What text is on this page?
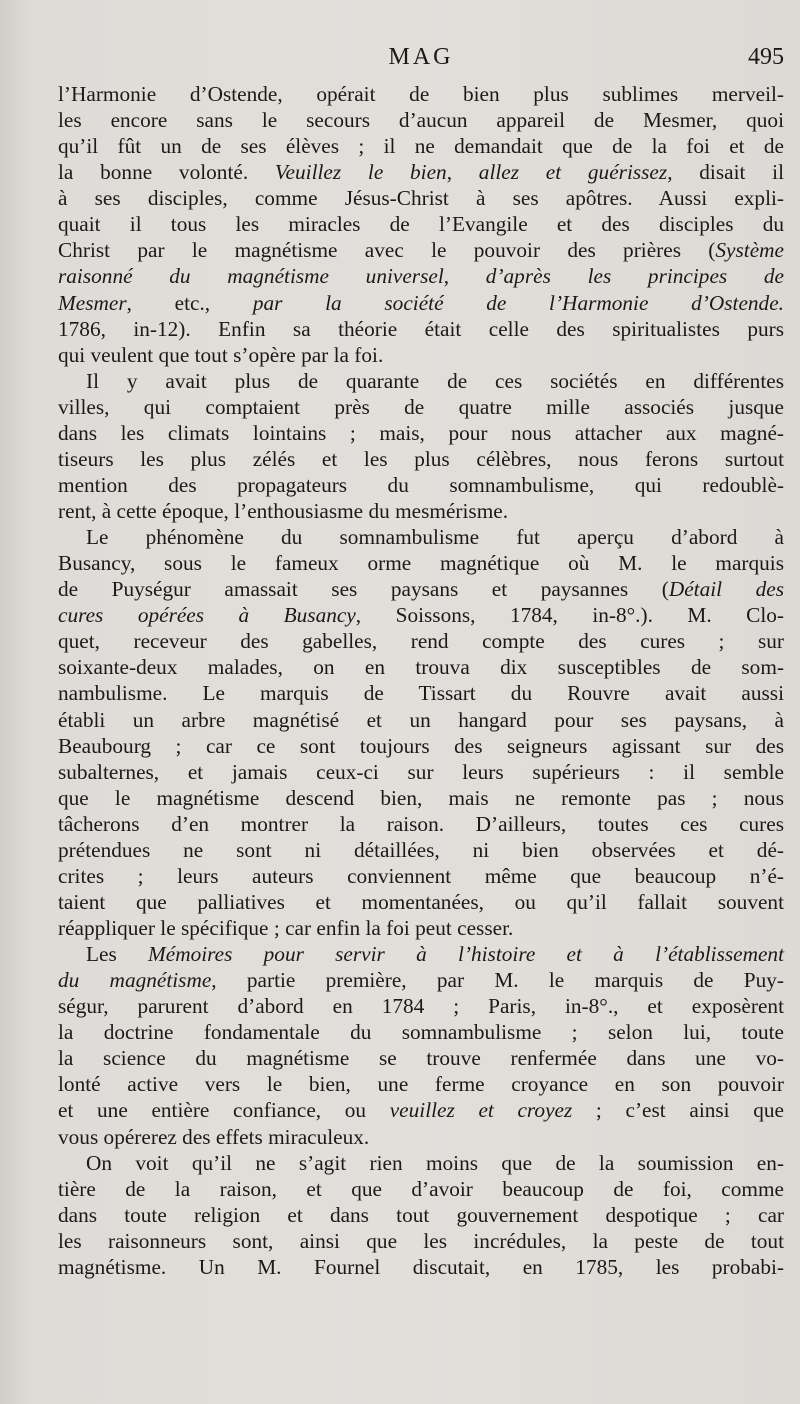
MAG	495
l’Harmonie d’Ostende, opérait de bien plus sublimes merveil-
les encore sans le secours d’aucun appareil de Mesmer, quoi
qu’il fût un de ses élèves ; il ne demandait que de la foi et de
la bonne volonté. Veuillez le bien, allez et guérissez, disait il
à ses disciples, comme Jésus-Christ à ses apôtres. Aussi expli-
quait il tous les miracles de l’Evangile et des disciples du
Christ par le magnétisme avec le pouvoir des prières (Système
raisonné du magnétisme universel, d’après les principes de
Mesmer, etc., par la société de l’Harmonie d’Ostende.
1786, in-12). Enfin sa théorie était celle des spiritualistes purs
qui veulent que tout s’opère par la foi.
Il y avait plus de quarante de ces sociétés en différentes
villes, qui comptaient près de quatre mille associés jusque
dans les climats lointains ; mais, pour nous attacher aux magné-
tiseurs les plus zélés et les plus célèbres, nous ferons surtout
mention des propagateurs du somnambulisme, qui redoublè-
rent, à cette époque, l’enthousiasme du mesmérisme.
Le phénomène du somnambulisme fut aperçu d’abord à
Busancy, sous le fameux orme magnétique où M. le marquis
de Puységur amassait ses paysans et paysannes (Détail des
cures opérées à Busancy, Soissons, 1784, in-8°.). M. Clo-
quet, receveur des gabelles, rend compte des cures ; sur
soixante-deux malades, on en trouva dix susceptibles de som-
nambulisme. Le marquis de Tissart du Rouvre avait aussi
établi un arbre magnétisé et un hangard pour ses paysans, à
Beaubourg ; car ce sont toujours des seigneurs agissant sur des
subalternes, et jamais ceux-ci sur leurs supérieurs : il semble
que le magnétisme descend bien, mais ne remonte pas ; nous
tâcherons d’en montrer la raison. D’ailleurs, toutes ces cures
prétendues ne sont ni détaillées, ni bien observées et dé-
crites ; leurs auteurs conviennent même que beaucoup n’é-
taient que palliatives et momentanées, ou qu’il fallait souvent
réappliquer le spécifique ; car enfin la foi peut cesser.
Les Mémoires pour servir à l’histoire et à l’établissement
du magnétisme, partie première, par M. le marquis de Puy-
ségur, parurent d’abord en 1784 ; Paris, in-8°., et exposèrent
la doctrine fondamentale du somnambulisme ; selon lui, toute
la science du magnétisme se trouve renfermée dans une vo-
lonté active vers le bien, une ferme croyance en son pouvoir
et une entière confiance, ou veuillez et croyez ; c’est ainsi que
vous opérerez des effets miraculeux.
On voit qu’il ne s’agit rien moins que de la soumission en-
tière de la raison, et que d’avoir beaucoup de foi, comme
dans toute religion et dans tout gouvernement despotique ; car
les raisonneurs sont, ainsi que les incrédules, la peste de tout
magnétisme. Un M. Fournel discutait, en 1785, les probabi-
